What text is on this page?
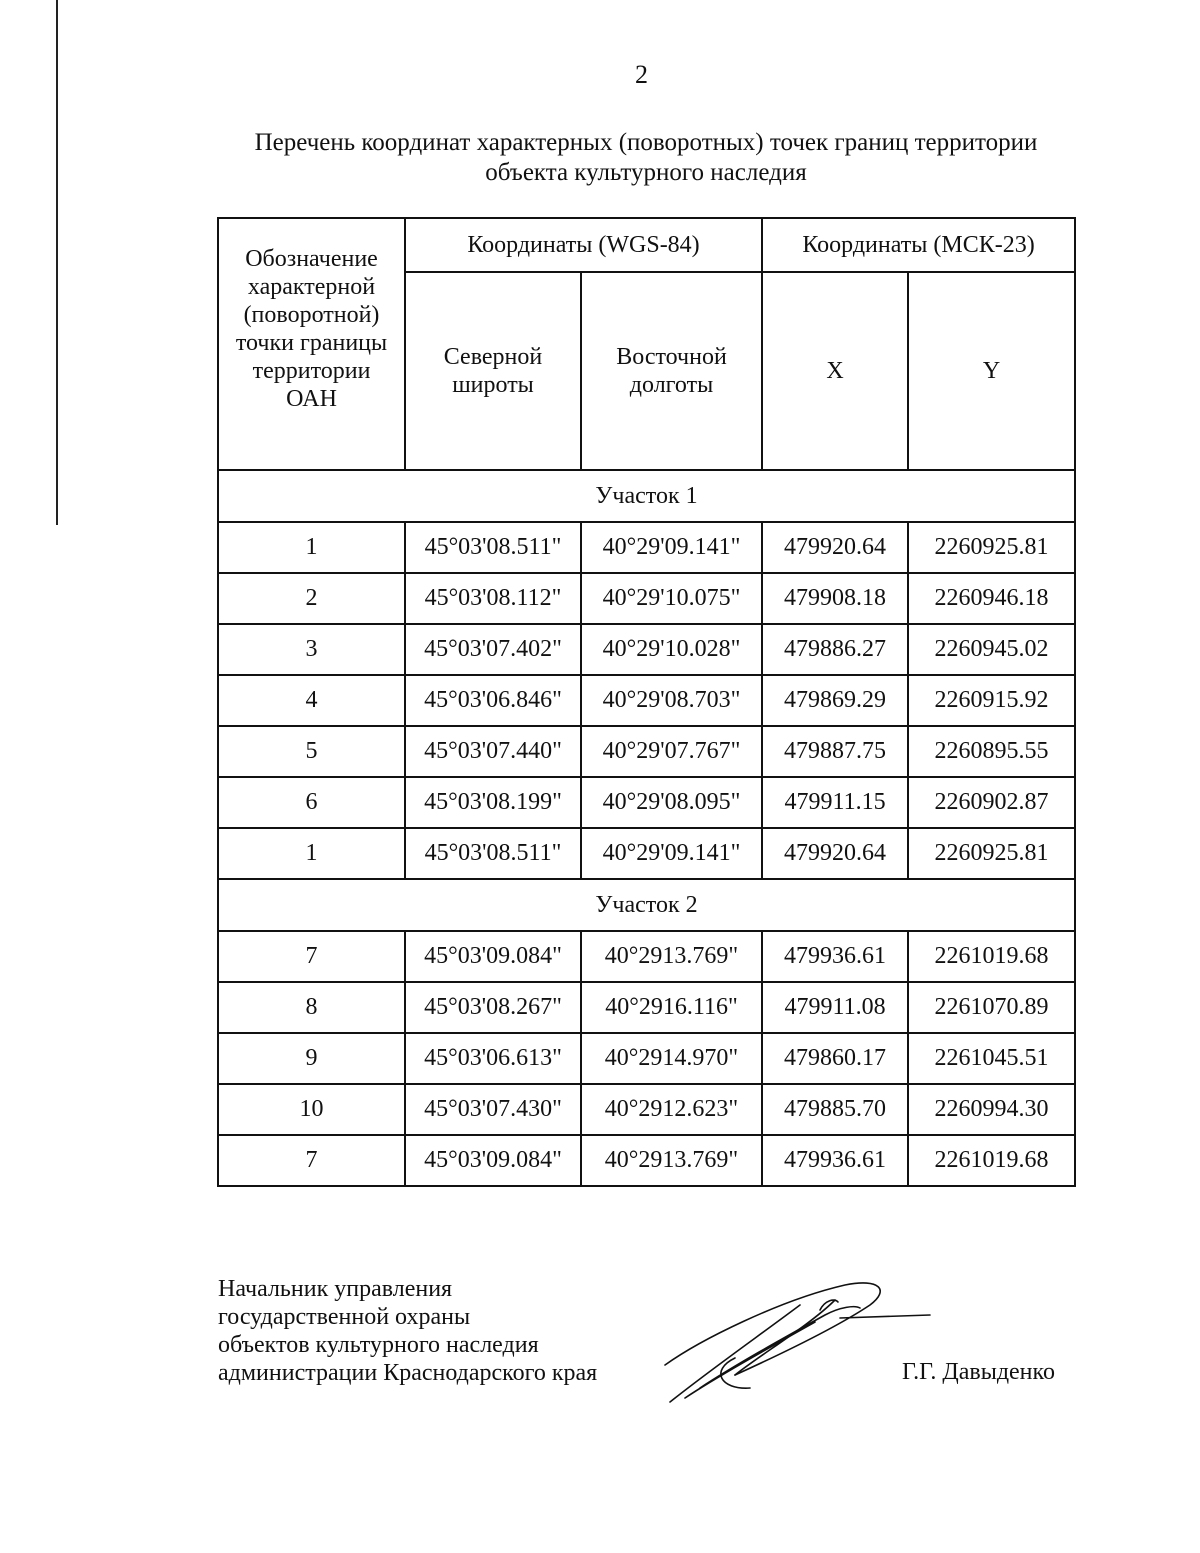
2
Перечень координат характерных (поворотных) точек границ территории
объекта культурного наследия
Обозначение характерной (поворотной) точки границы территории ОАН	Координаты (WGS-84)		Координаты (МСК-23)	

	Северной широты	Восточной долготы	X	Y
Участок 1				
1	45°03'08.511"	40°29'09.141"	479920.64	2260925.81
2	45°03'08.112"	40°29'10.075"	479908.18	2260946.18
3	45°03'07.402"	40°29'10.028"	479886.27	2260945.02
4	45°03'06.846"	40°29'08.703"	479869.29	2260915.92
5	45°03'07.440"	40°29'07.767"	479887.75	2260895.55
6	45°03'08.199"	40°29'08.095"	479911.15	2260902.87
1	45°03'08.511"	40°29'09.141"	479920.64	2260925.81
Участок 2				
7	45°03'09.084"	40°2913.769"	479936.61	2261019.68
8	45°03'08.267"	40°2916.116"	479911.08	2261070.89
9	45°03'06.613"	40°2914.970"	479860.17	2261045.51
10	45°03'07.430"	40°2912.623"	479885.70	2260994.30
7	45°03'09.084"	40°2913.769"	479936.61	2261019.68
Начальник управления
государственной охраны
объектов культурного наследия
администрации Краснодарского края	Г.Г. Давыденко
